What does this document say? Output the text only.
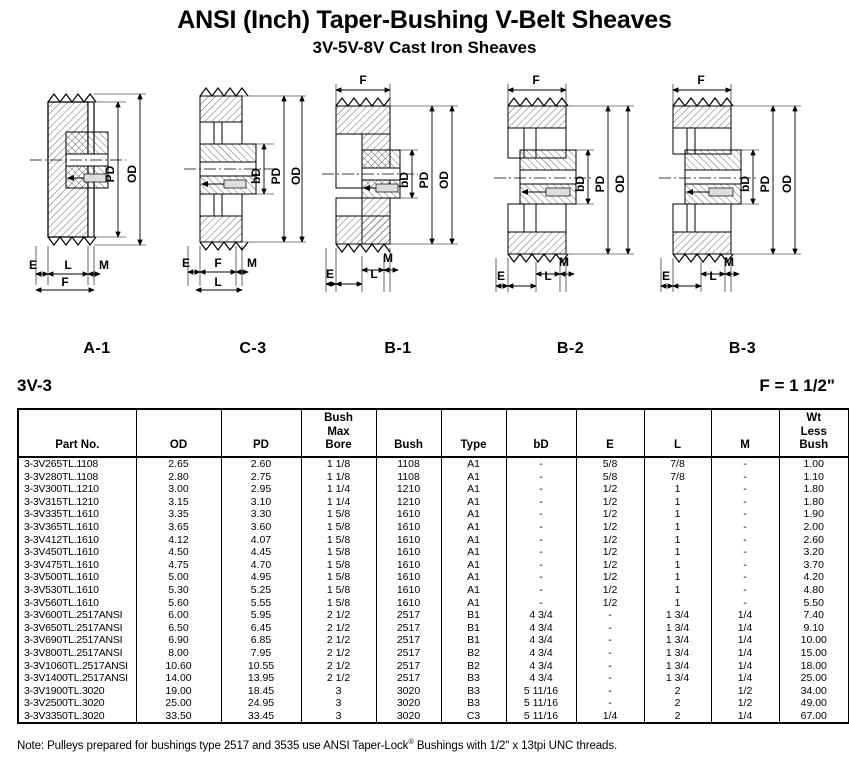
ANSI (Inch) Taper-Bushing V-Belt Sheaves
3V-5V-8V Cast Iron Sheaves
PD OD
E L M
F
A-1
bD PD OD
E F M
L
C-3
F
bD PD OD
M
E	L
B-1
F
bD PD OD
M
E	L
B-2
F
bD PD OD
M
E	L
B-3
3V-3	F = 1 1/2"
Part No.	OD	PD	Bush
Max
Bore	Bush	Type	bD	E	L	M	Wt
Less
Bush
3-3V265TL.1108	2.65	2.60	1 1/8	1108	A1	-	5/8	7/8	-	1.00
3-3V280TL.1108	2.80	2.75	1 1/8	1108	A1	-	5/8	7/8	-	1.10
3-3V300TL.1210	3.00	2.95	1 1/4	1210	A1	-	1/2	1	-	1.80
3-3V315TL.1210	3.15	3.10	1 1/4	1210	A1	-	1/2	1	-	1.80
3-3V335TL.1610	3.35	3.30	1 5/8	1610	A1	-	1/2	1	-	1.90
3-3V365TL.1610	3.65	3.60	1 5/8	1610	A1	-	1/2	1	-	2.00
3-3V412TL.1610	4.12	4.07	1 5/8	1610	A1	-	1/2	1	-	2.60
3-3V450TL.1610	4.50	4.45	1 5/8	1610	A1	-	1/2	1	-	3.20
3-3V475TL.1610	4.75	4.70	1 5/8	1610	A1	-	1/2	1	-	3.70
3-3V500TL.1610	5.00	4.95	1 5/8	1610	A1	-	1/2	1	-	4.20
3-3V530TL.1610	5.30	5.25	1 5/8	1610	A1	-	1/2	1	-	4.80
3-3V560TL.1610	5.60	5.55	1 5/8	1610	A1	-	1/2	1	-	5.50
3-3V600TL.2517ANSI	6.00	5.95	2 1/2	2517	B1	4 3/4	-	1 3/4	1/4	7.40
3-3V650TL.2517ANSI	6.50	6.45	2 1/2	2517	B1	4 3/4	-	1 3/4	1/4	9.10
3-3V690TL.2517ANSI	6.90	6.85	2 1/2	2517	B1	4 3/4	-	1 3/4	1/4	10.00
3-3V800TL.2517ANSI	8.00	7.95	2 1/2	2517	B2	4 3/4	-	1 3/4	1/4	15.00
3-3V1060TL.2517ANSI	10.60	10.55	2 1/2	2517	B2	4 3/4	-	1 3/4	1/4	18.00
3-3V1400TL.2517ANSI	14.00	13.95	2 1/2	2517	B3	4 3/4	-	1 3/4	1/4	25.00
3-3V1900TL.3020	19.00	18.45	3	3020	B3	5 11/16	-	2	1/2	34.00
3-3V2500TL.3020	25.00	24.95	3	3020	B3	5 11/16	-	2	1/2	49.00
3-3V3350TL.3020	33.50	33.45	3	3020	C3	5 11/16	1/4	2	1/4	67.00
Note: Pulleys prepared for bushings type 2517 and 3535 use ANSI Taper-Lock® Bushings with 1/2" x 13tpi UNC threads.
